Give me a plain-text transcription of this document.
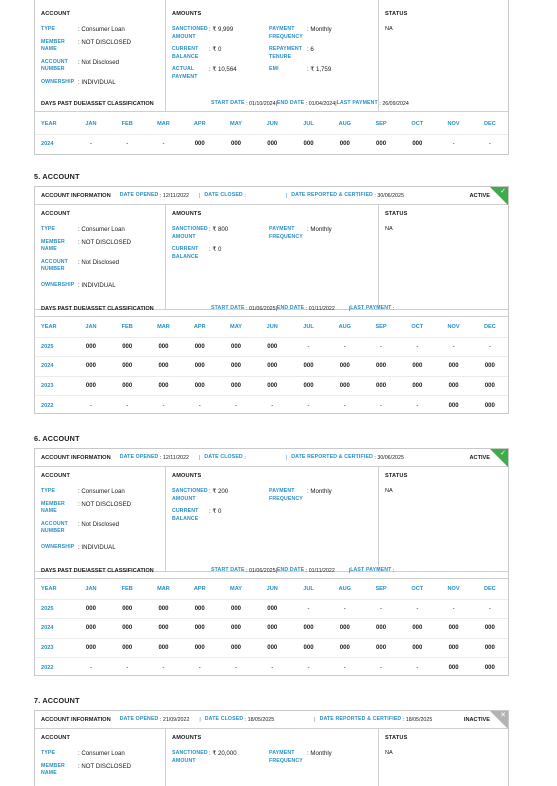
ACCOUNT
TYPE	: Consumer Loan
MEMBER NAME
: NOT DISCLOSED
ACCOUNT NUMBER
: Not Disclosed
OWNERSHIP : INDIVIDUAL
AMOUNTS
SANCTIONED AMOUNT
: ₹ 9,999	PAYMENT FREQUENCY
: Monthly
CURRENT BALANCE
: ₹ 0	REPAYMENT TENURE
: 6
ACTUAL PAYMENT
: ₹ 10,564	EMI	: ₹ 1,759
STATUS
NA
DAYS PAST DUE/ASSET CLASSIFICATION	START DATE : 01/10/2024 | END DATE : 01/04/2024 | LAST PAYMENT : 26/09/2024
YEAR	JAN	FEB	MAR	APR	MAY	JUN	JUL	AUG	SEP	OCT	NOV	DEC
2024	-	-	-	000	000	000	000	000	000	000	-	-
5. ACCOUNT
ACCOUNT INFORMATION DATE OPENED : 12/11/2022 | DATE CLOSED :	| DATE REPORTED & CERTIFIED : 30/06/2025	ACTIVE
✓
ACCOUNT
TYPE	: Consumer Loan
MEMBER NAME
: NOT DISCLOSED
ACCOUNT NUMBER
: Not Disclosed
OWNERSHIP : INDIVIDUAL
AMOUNTS
SANCTIONED AMOUNT
: ₹ 800	PAYMENT FREQUENCY
: Monthly
CURRENT BALANCE
: ₹ 0
STATUS
NA
DAYS PAST DUE/ASSET CLASSIFICATION	START DATE : 01/06/2025 | END DATE : 01/11/2022	| LAST PAYMENT :
YEAR	JAN	FEB	MAR	APR	MAY	JUN	JUL	AUG	SEP	OCT	NOV	DEC
2025	000	000	000	000	000	000	-	-	-	-	-	-
2024	000	000	000	000	000	000	000	000	000	000	000	000
2023	000	000	000	000	000	000	000	000	000	000	000	000
2022	-	-	-	-	-	-	-	-	-	-	000	000
6. ACCOUNT
ACCOUNT INFORMATION DATE OPENED : 12/11/2022 | DATE CLOSED :	| DATE REPORTED & CERTIFIED : 30/06/2025	ACTIVE
✓
ACCOUNT
TYPE	: Consumer Loan
MEMBER NAME
: NOT DISCLOSED
ACCOUNT NUMBER
: Not Disclosed
OWNERSHIP : INDIVIDUAL
AMOUNTS
SANCTIONED AMOUNT
: ₹ 200	PAYMENT FREQUENCY
: Monthly
CURRENT BALANCE
: ₹ 0
STATUS
NA
DAYS PAST DUE/ASSET CLASSIFICATION	START DATE : 01/06/2025 | END DATE : 01/11/2022	| LAST PAYMENT :
YEAR	JAN	FEB	MAR	APR	MAY	JUN	JUL	AUG	SEP	OCT	NOV	DEC
2025	000	000	000	000	000	000	-	-	-	-	-	-
2024	000	000	000	000	000	000	000	000	000	000	000	000
2023	000	000	000	000	000	000	000	000	000	000	000	000
2022	-	-	-	-	-	-	-	-	-	-	000	000
7. ACCOUNT
ACCOUNT INFORMATION DATE OPENED : 21/09/2022 | DATE CLOSED : 18/05/2025	| DATE REPORTED & CERTIFIED : 18/05/2025	INACTIVE
✕
ACCOUNT
TYPE	: Consumer Loan
MEMBER NAME
: NOT DISCLOSED
AMOUNTS
SANCTIONED AMOUNT
: ₹ 20,000	PAYMENT FREQUENCY
: Monthly
STATUS
NA
